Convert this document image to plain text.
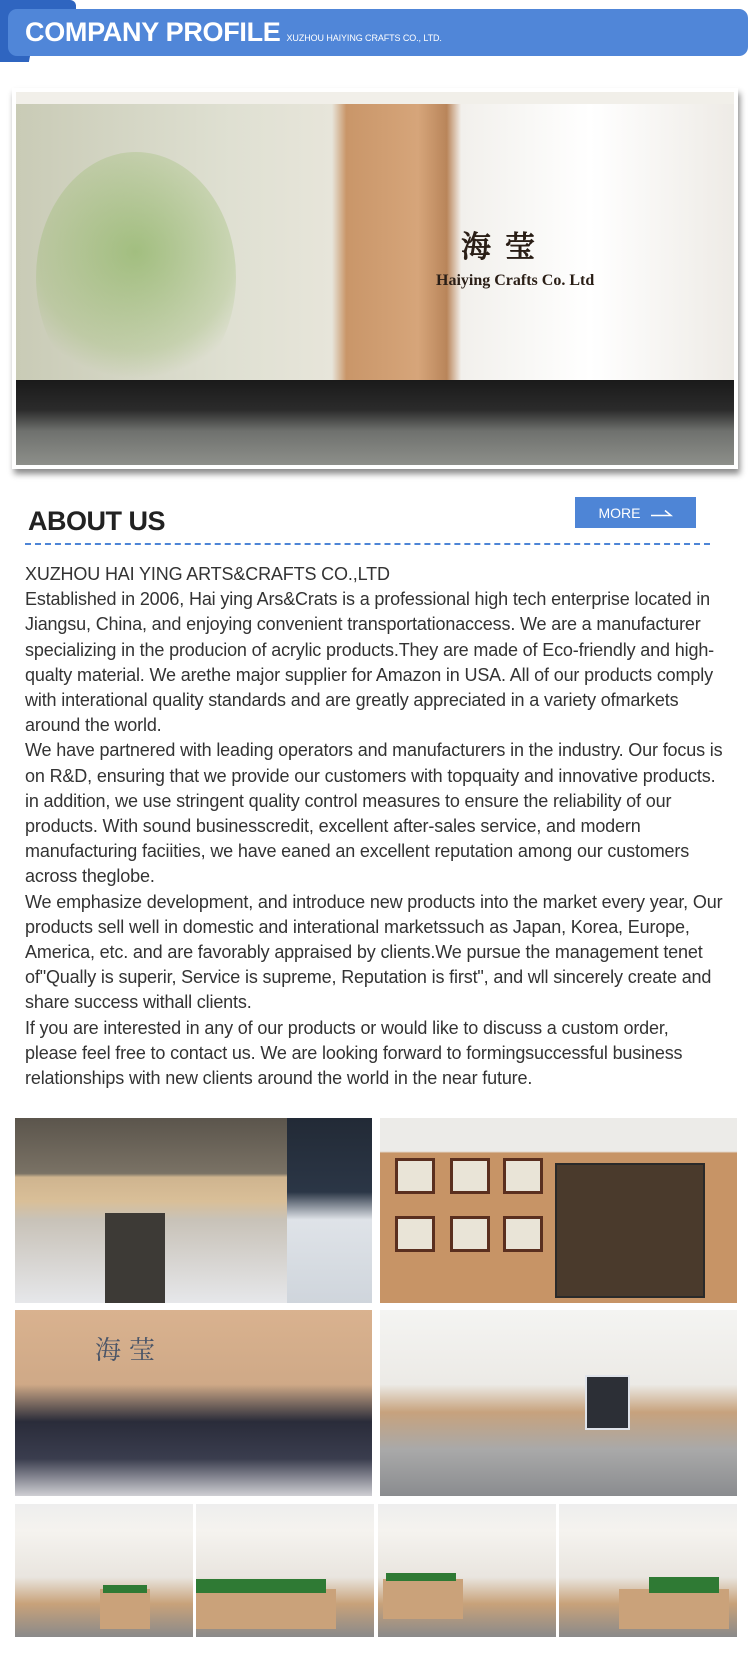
COMPANY PROFILE XUZHOU HAIYING CRAFTS CO., LTD.
海莹
Haiying Crafts Co. Ltd
ABOUT US	MORE
XUZHOU HAI YING ARTS&CRAFTS CO.,LTD

Established in 2006, Hai ying Ars&Crats is a professional high tech enterprise located in Jiangsu, China, and enjoying convenient transportationaccess. We are a manufacturer specializing in the producion of acrylic products.They are made of Eco-friendly and high-qualty material. We arethe major supplier for Amazon in USA. All of our products comply with interational quality standards and are greatly appreciated in a variety ofmarkets around the world.

We have partnered with leading operators and manufacturers in the industry. Our focus is on R&D, ensuring that we provide our customers with topquaity and innovative products. in addition, we use stringent quality control measures to ensure the reliability of our products. With sound businesscredit, excellent after-sales service, and modern manufacturing faciities, we have eaned an excellent reputation among our customers across theglobe.

We emphasize development, and introduce new products into the market every year, Our products sell well in domestic and interational marketssuch as Japan, Korea, Europe, America, etc. and are favorably appraised by clients.We pursue the management tenet of"Qually is superir, Service is supreme, Reputation is first", and wll sincerely create and share success withall clients.

If you are interested in any of our products or would like to discuss a custom order, please feel free to contact us. We are looking forward to formingsuccessful business relationships with new clients around the world in the near future.

海莹
